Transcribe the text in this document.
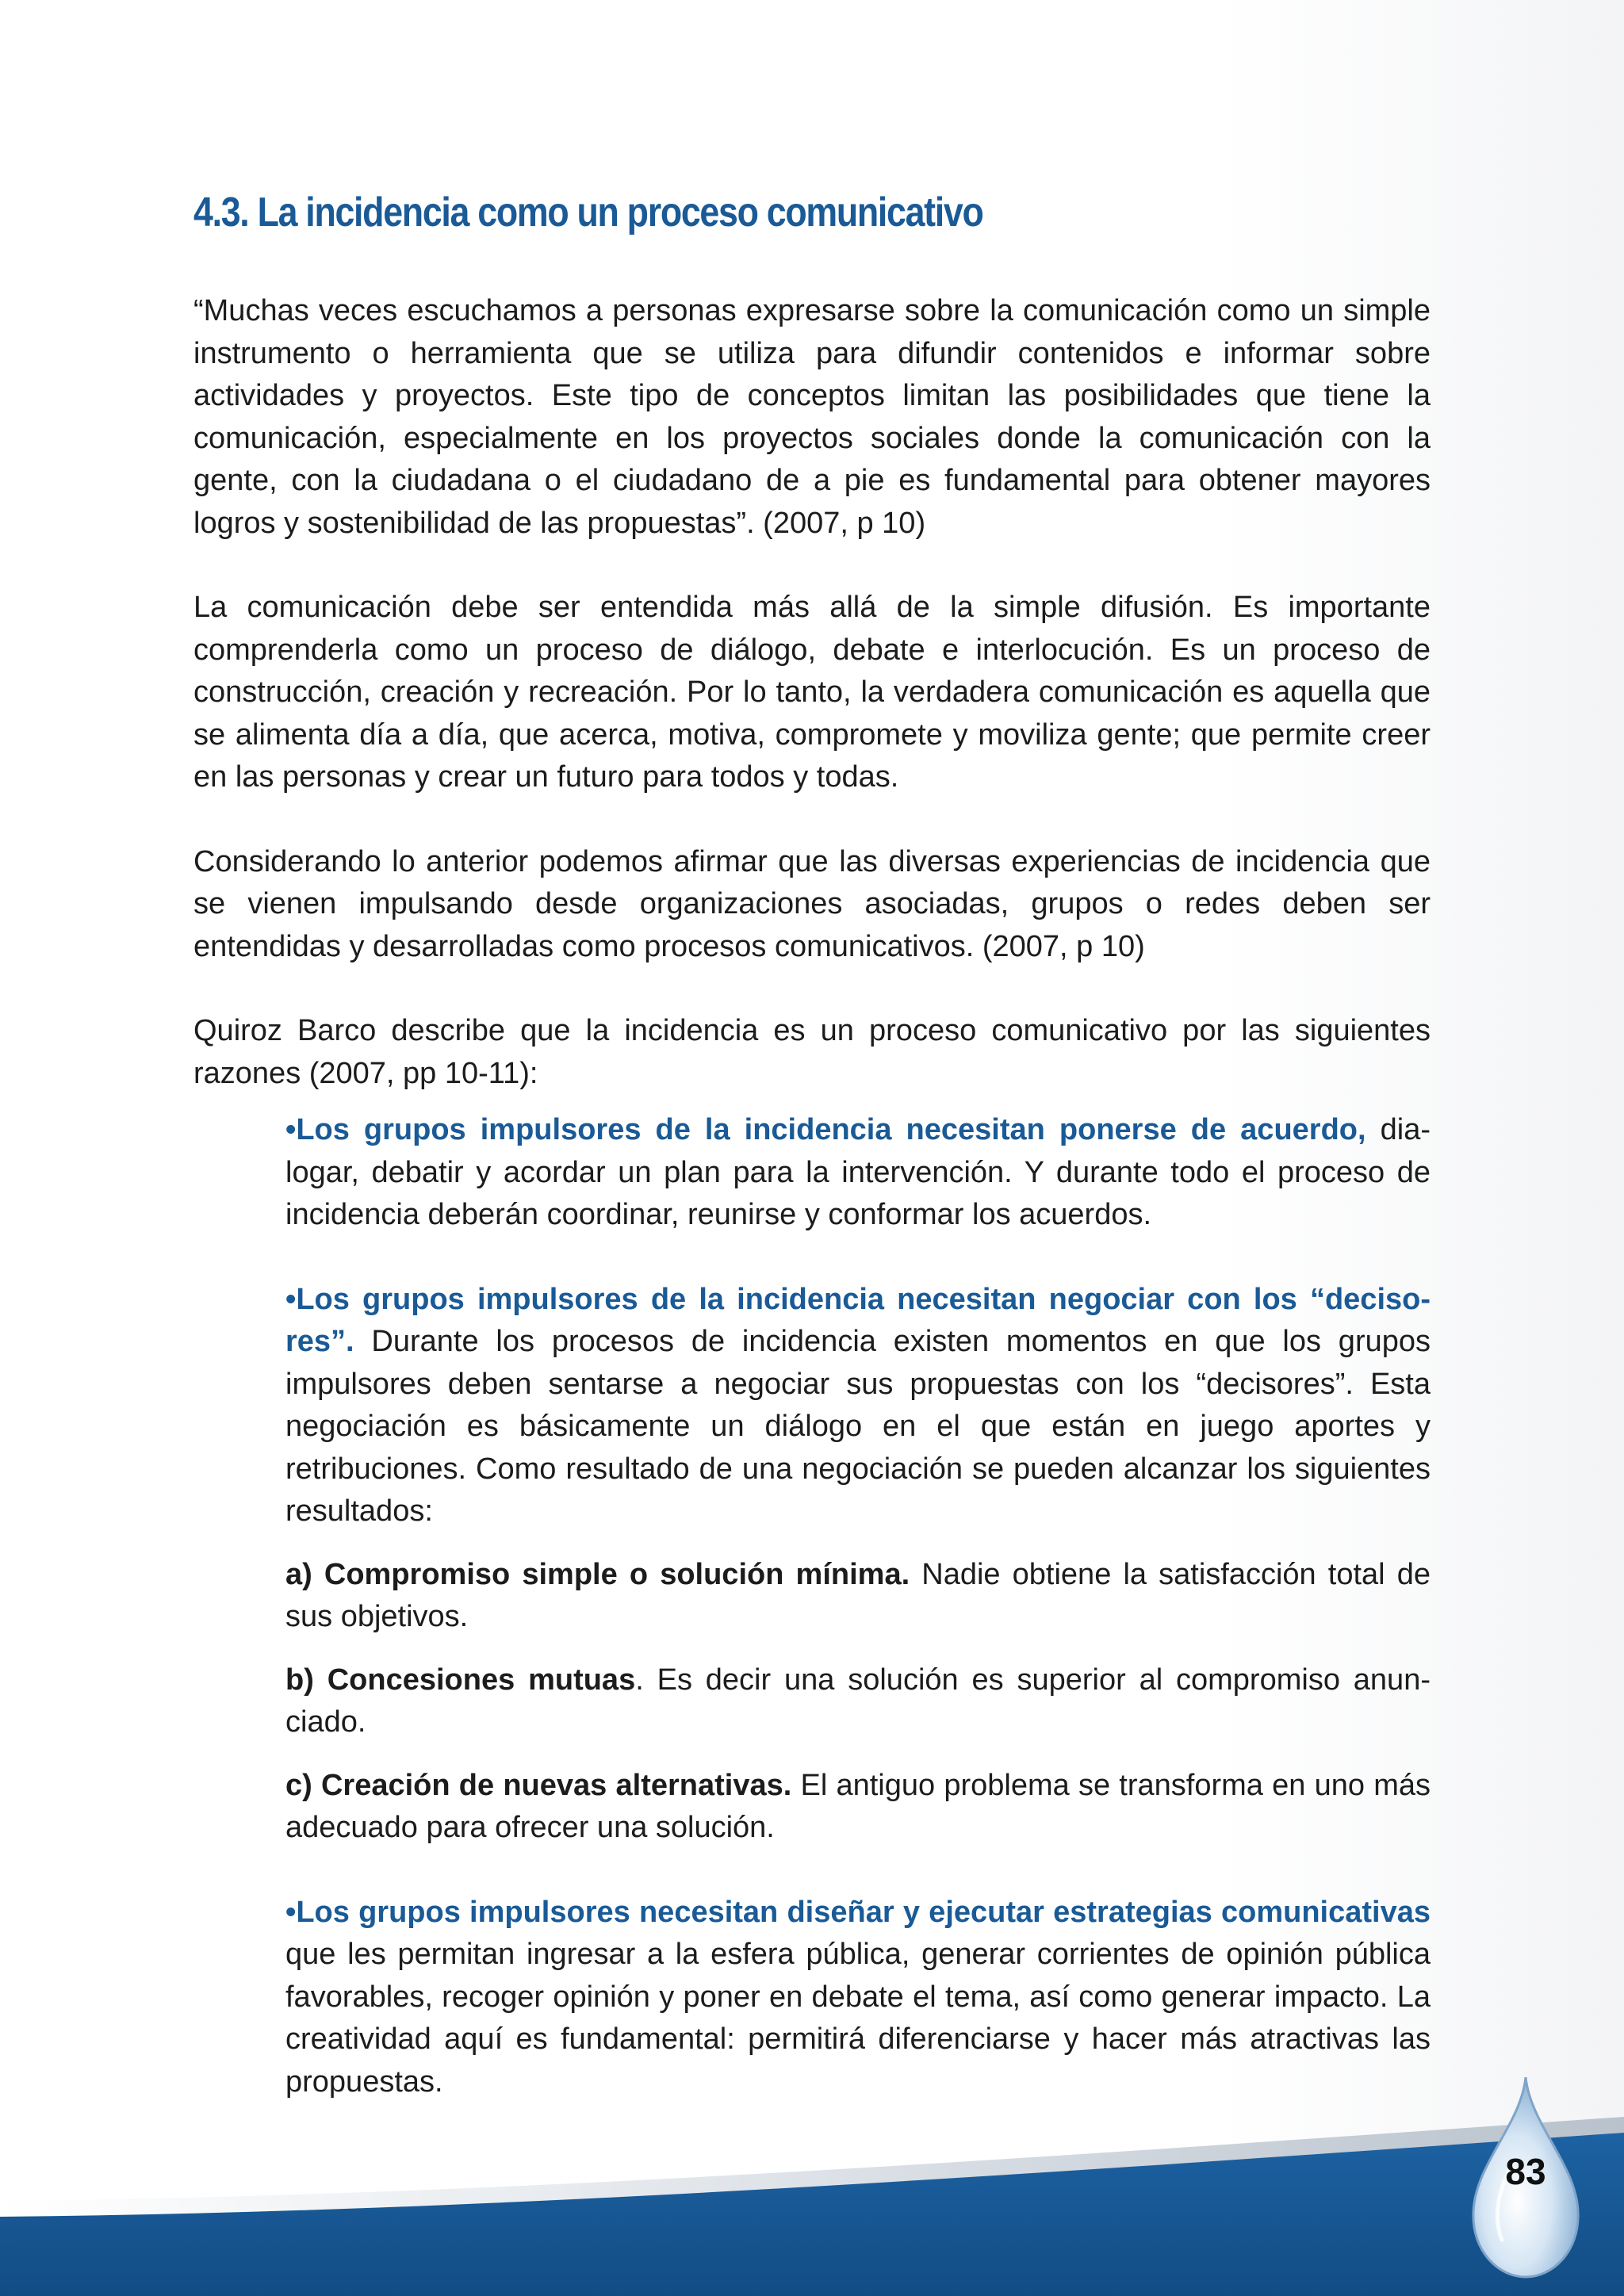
4.3. La incidencia como un proceso comunicativo

“Muchas veces escuchamos a personas expresarse sobre la comunicación como un simple instrumento o herramienta que se utiliza para difundir contenidos e informar sobre actividades y proyectos. Este tipo de conceptos limitan las posibilidades que tiene la comunicación, especialmente en los proyectos sociales donde la comunicación con la gente, con la ciudadana o el ciudadano de a pie es fundamental para obtener mayores logros y sostenibilidad de las propuestas”. (2007, p 10)

La comunicación debe ser entendida más allá de la simple difusión. Es importante comprenderla como un proceso de diálogo, debate e interlocución. Es un proceso de construcción, creación y recreación. Por lo tanto, la verdadera comunicación es aquella que se alimenta día a día, que acerca, motiva, compromete y moviliza gente; que permite creer en las personas y crear un futuro para todos y todas.

Considerando lo anterior podemos afirmar que las diversas experiencias de incidencia que se vienen impulsando desde organizaciones asociadas, grupos o redes deben ser entendidas y desarrolladas como procesos comunicativos. (2007, p 10)

Quiroz Barco describe que la incidencia es un proceso comunicativo por las siguientes razones (2007, pp 10-11):

•Los grupos impulsores de la incidencia necesitan ponerse de acuerdo, dialogar, debatir y acordar un plan para la intervención. Y durante todo el proceso de incidencia deberán coordinar, reunirse y conformar los acuerdos.

•Los grupos impulsores de la incidencia necesitan negociar con los “decisores”. Durante los procesos de incidencia existen momentos en que los grupos impulsores deben sentarse a negociar sus propuestas con los “decisores”. Esta negociación es básicamente un diálogo en el que están en juego aportes y retribuciones. Como resultado de una negociación se pueden alcanzar los siguientes resultados:

a) Compromiso simple o solución mínima. Nadie obtiene la satisfacción total de sus objetivos.

b) Concesiones mutuas. Es decir una solución es superior al compromiso anunciado.

c) Creación de nuevas alternativas. El antiguo problema se transforma en uno más adecuado para ofrecer una solución.

•Los grupos impulsores necesitan diseñar y ejecutar estrategias comunicativas que les permitan ingresar a la esfera pública, generar corrientes de opinión pública favorables, recoger opinión y poner en debate el tema, así como generar impacto. La creatividad aquí es fundamental: permitirá diferenciarse y hacer más atractivas las propuestas.

83
